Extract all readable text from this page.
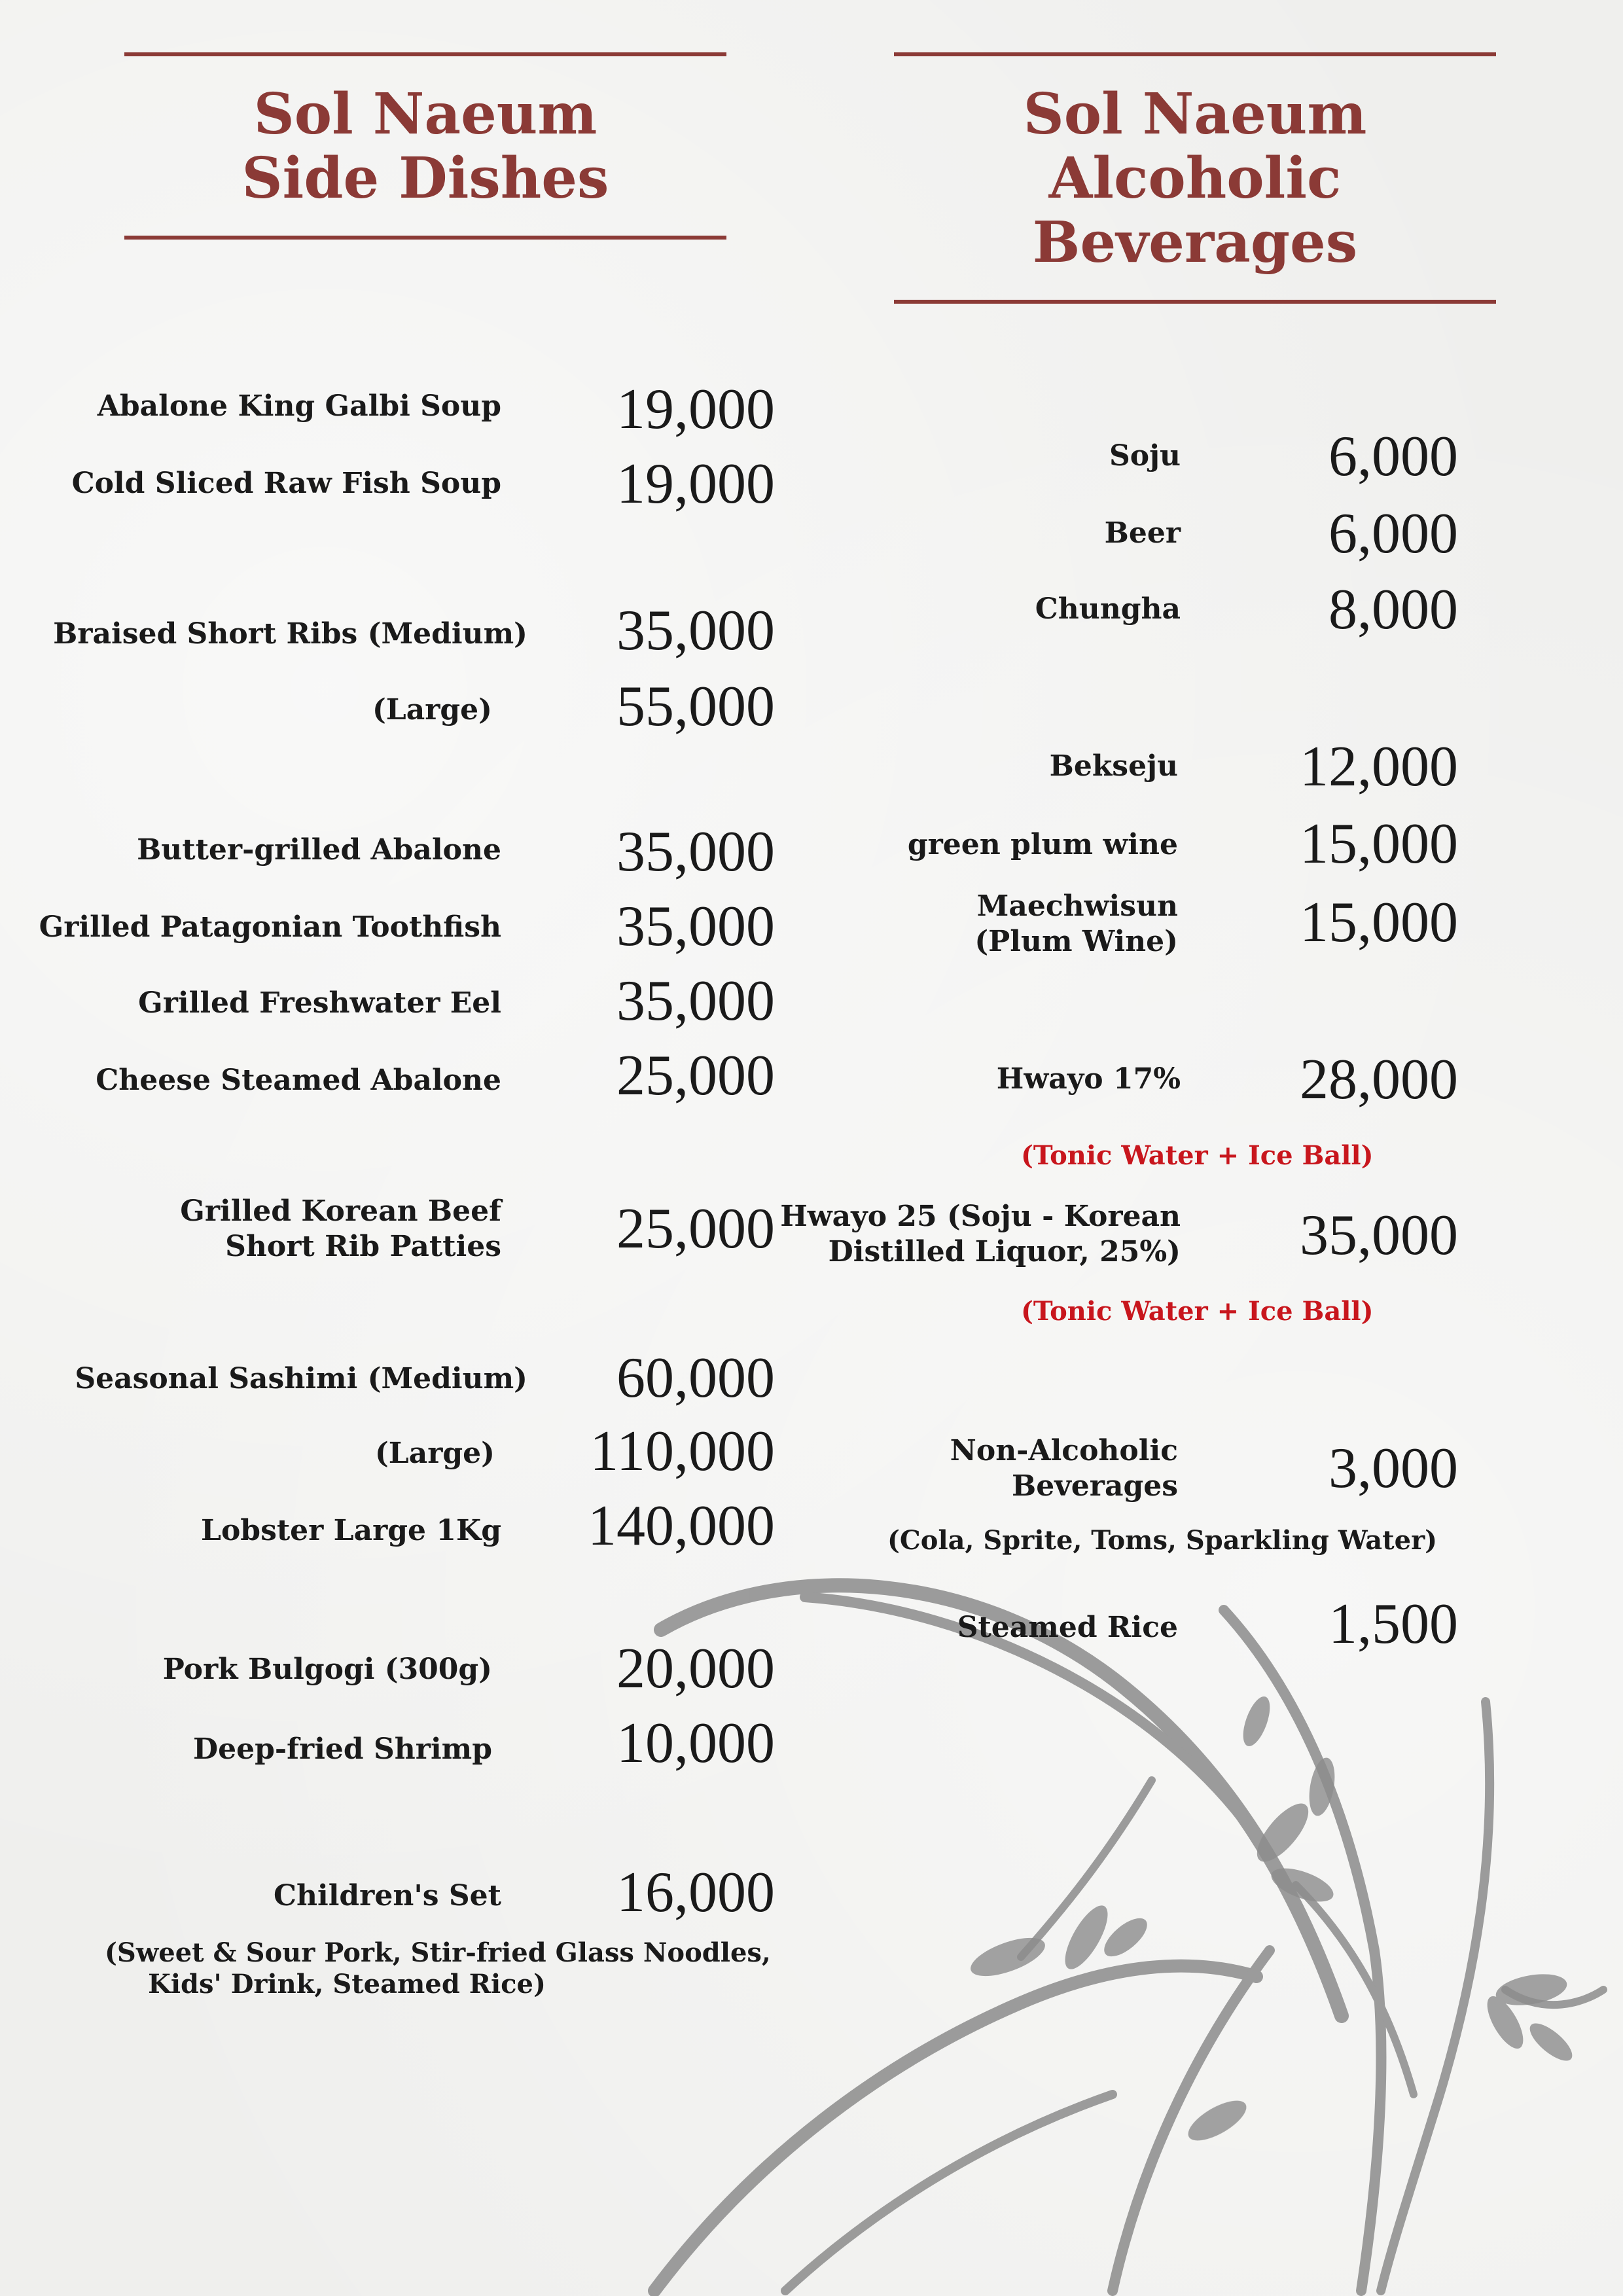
Sol Naeum
Side Dishes
Sol Naeum Alcoholic
Beverages
Abalone King Galbi Soup 19,000
Cold Sliced Raw Fish Soup 19,000
Braised Short Ribs (Medium) 35,000
(Large) 55,000
Butter-grilled Abalone 35,000
Grilled Patagonian Toothfish 35,000
Grilled Freshwater Eel 35,000
Cheese Steamed Abalone 25,000
Grilled Korean Beef
Short Rib Patties 25,000
Seasonal Sashimi (Medium) 60,000
(Large) 110,000
Lobster Large 1Kg 140,000
Pork Bulgogi (300g) 20,000
Deep-fried Shrimp 10,000
Children's Set 16,000
(Sweet & Sour Pork, Stir-fried Glass Noodles,
Kids' Drink, Steamed Rice)
Soju	6,000
Beer	6,000
Chungha	8,000
Bekseju 12,000
green plum wine 15,000
Maechwisun
(Plum Wine) 15,000
Hwayo 17% 28,000
(Tonic Water + Ice Ball)
Hwayo 25 (Soju - Korean
Distilled Liquor, 25%) 35,000
(Tonic Water + Ice Ball)
Non-Alcoholic
Beverages	3,000
(Cola, Sprite, Toms, Sparkling Water)
Steamed Rice	1,500
